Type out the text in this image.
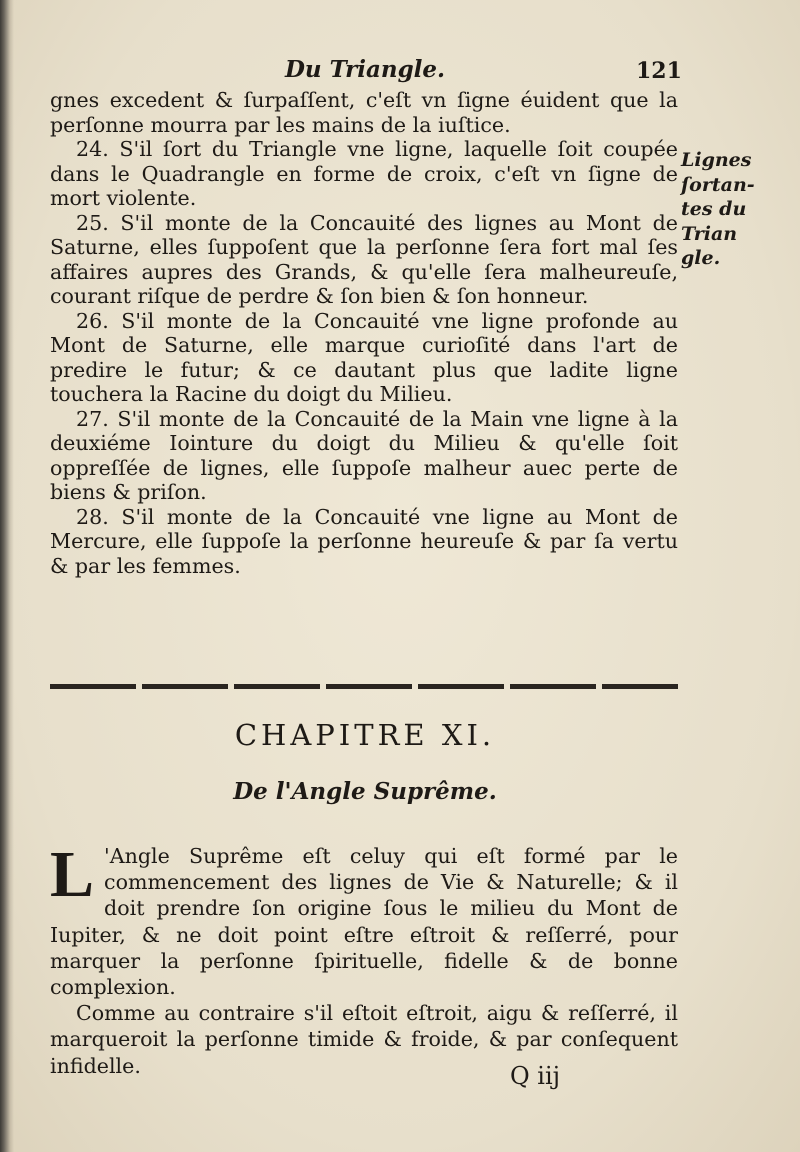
Du Triangle.	121

gnes excedent & ſurpaſſent, c'eſt vn ſigne éuident que la perſonne mourra par les mains de la iuſtice.

24. S'il ſort du Triangle vne ligne, laquelle ſoit coupée dans le Quadrangle en forme de croix, c'eſt vn ſigne de mort violente.

25. S'il monte de la Concauité des lignes au Mont de Saturne, elles ſuppoſent que la perſonne ſera fort mal ſes affaires aupres des Grands, & qu'elle ſera malheureuſe, courant riſque de perdre & ſon bien & ſon honneur.

26. S'il monte de la Concauité vne ligne profonde au Mont de Saturne, elle marque curioſité dans l'art de predire le futur; & ce dautant plus que ladite ligne touchera la Racine du doigt du Milieu.

27. S'il monte de la Concauité de la Main vne ligne à la deuxiéme Iointure du doigt du Milieu & qu'elle ſoit oppreſſée de lignes, elle ſuppoſe malheur auec perte de biens & priſon.

28. S'il monte de la Concauité vne ligne au Mont de Mercure, elle ſuppoſe la perſonne heureuſe & par ſa vertu & par les femmes.

Lignes
ſortan-
tes du
Trian
gle.
CHAPITRE XI.
De l'Angle Suprême.

L 'Angle Suprême eſt celuy qui eſt formé par le commencement des lignes de Vie & Naturelle; & il doit prendre ſon origine ſous le milieu du Mont de Iupiter, & ne doit point eſtre eſtroit & reſſerré, pour marquer la perſonne ſpirituelle, fidelle & de bonne complexion.

Comme au contraire s'il eſtoit eſtroit, aigu & reſſerré, il marqueroit la perſonne timide & froide, & par conſequent infidelle.	Q iij
